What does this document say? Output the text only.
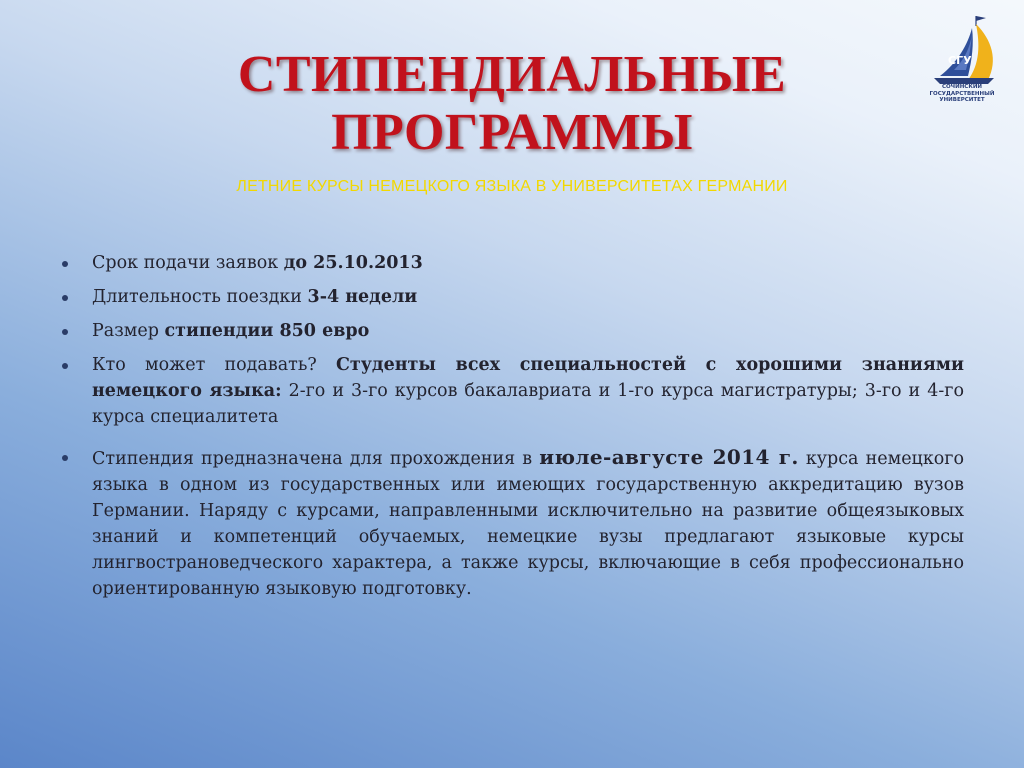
СТИПЕНДИАЛЬНЫЕ
ПРОГРАММЫ
ЛЕТНИЕ КУРСЫ НЕМЕЦКОГО ЯЗЫКА В УНИВЕРСИТЕТАХ ГЕРМАНИИ
СГУ
СОЧИНСКИЙ
ГОСУДАРСТВЕННЫЙ
УНИВЕРСИТЕТ
Срок подачи заявок до 25.10.2013
Длительность поездки 3-4 недели
Размер стипендии 850 евро
Кто может подавать? Студенты всех специальностей с хорошими знаниями немецкого языка: 2-го и 3-го курсов бакалавриата и 1-го курса магистратуры; 3-го и 4-го курса специалитета
Стипендия предназначена для прохождения в июле-августе 2014 г. курса немецкого языка в одном из государственных или имеющих государственную аккредитацию вузов Германии. Наряду с курсами, направленными исключительно на развитие общеязыковых знаний и компетенций обучаемых, немецкие вузы предлагают языковые курсы лингвострановедческого характера, а также курсы, включающие в себя профессионально ориентированную языковую подготовку.
